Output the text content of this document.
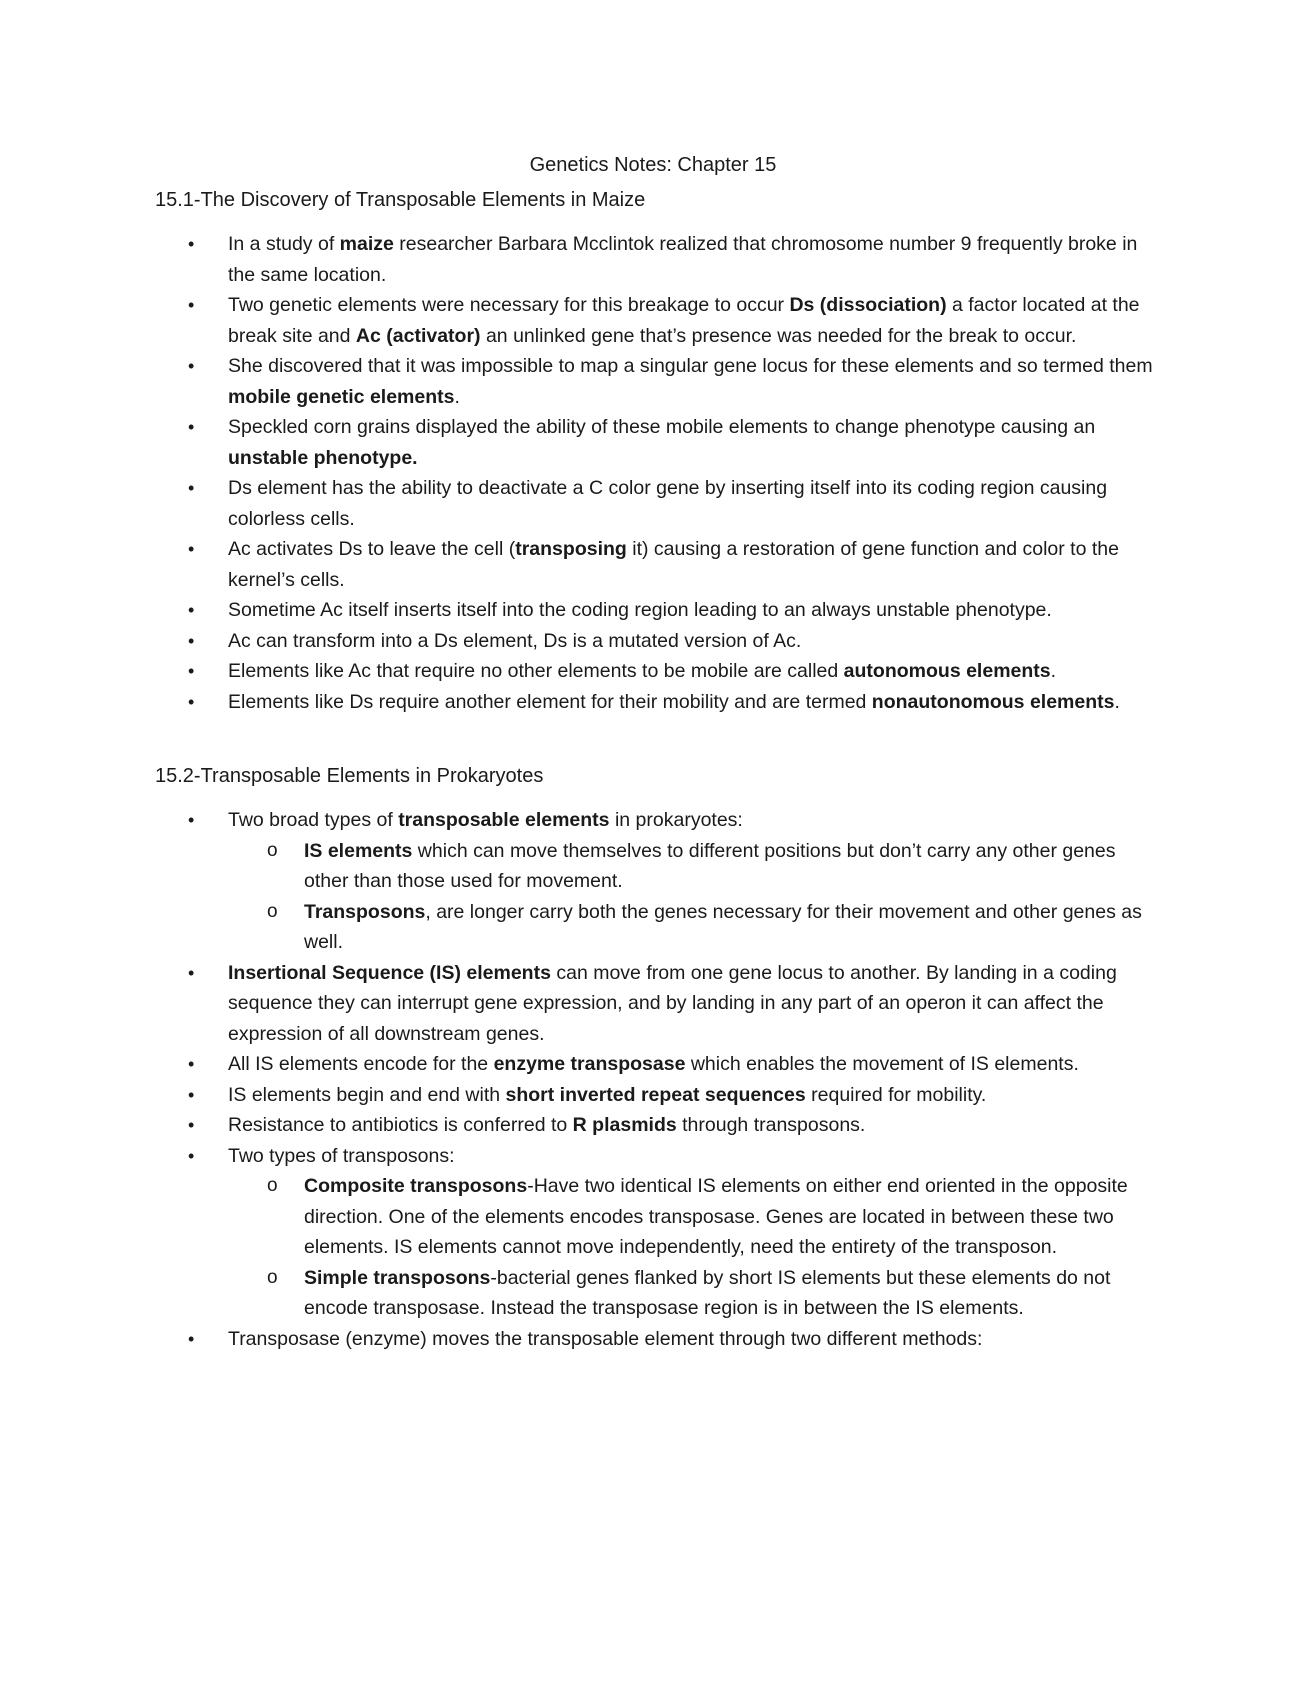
Genetics Notes: Chapter 15
15.1-The Discovery of Transposable Elements in Maize
•	In a study of maize researcher Barbara Mcclintok realized that chromosome number 9 frequently broke in the same location.
•	Two genetic elements were necessary for this breakage to occur Ds (dissociation) a factor located at the break site and Ac (activator) an unlinked gene that’s presence was needed for the break to occur.
•	She discovered that it was impossible to map a singular gene locus for these elements and so termed them mobile genetic elements.
•	Speckled corn grains displayed the ability of these mobile elements to change phenotype causing an unstable phenotype.
•	Ds element has the ability to deactivate a C color gene by inserting itself into its coding region causing colorless cells.
•	Ac activates Ds to leave the cell (transposing it) causing a restoration of gene function and color to the kernel’s cells.
•	Sometime Ac itself inserts itself into the coding region leading to an always unstable phenotype.
•	Ac can transform into a Ds element, Ds is a mutated version of Ac.
•	Elements like Ac that require no other elements to be mobile are called autonomous elements.
•	Elements like Ds require another element for their mobility and are termed nonautonomous elements.
15.2-Transposable Elements in Prokaryotes
•	Two broad types of transposable elements in prokaryotes:
o	IS elements which can move themselves to different positions but don’t carry any other genes other than those used for movement.
o	Transposons, are longer carry both the genes necessary for their movement and other genes as well.
•	Insertional Sequence (IS) elements can move from one gene locus to another. By landing in a coding sequence they can interrupt gene expression, and by landing in any part of an operon it can affect the expression of all downstream genes.
•	All IS elements encode for the enzyme transposase which enables the movement of IS elements.
•	IS elements begin and end with short inverted repeat sequences required for mobility.
•	Resistance to antibiotics is conferred to R plasmids through transposons.
•	Two types of transposons:
o	Composite transposons-Have two identical IS elements on either end oriented in the opposite direction. One of the elements encodes transposase. Genes are located in between these two elements. IS elements cannot move independently, need the entirety of the transposon.
o	Simple transposons-bacterial genes flanked by short IS elements but these elements do not encode transposase. Instead the transposase region is in between the IS elements.
•	Transposase (enzyme) moves the transposable element through two different methods:
